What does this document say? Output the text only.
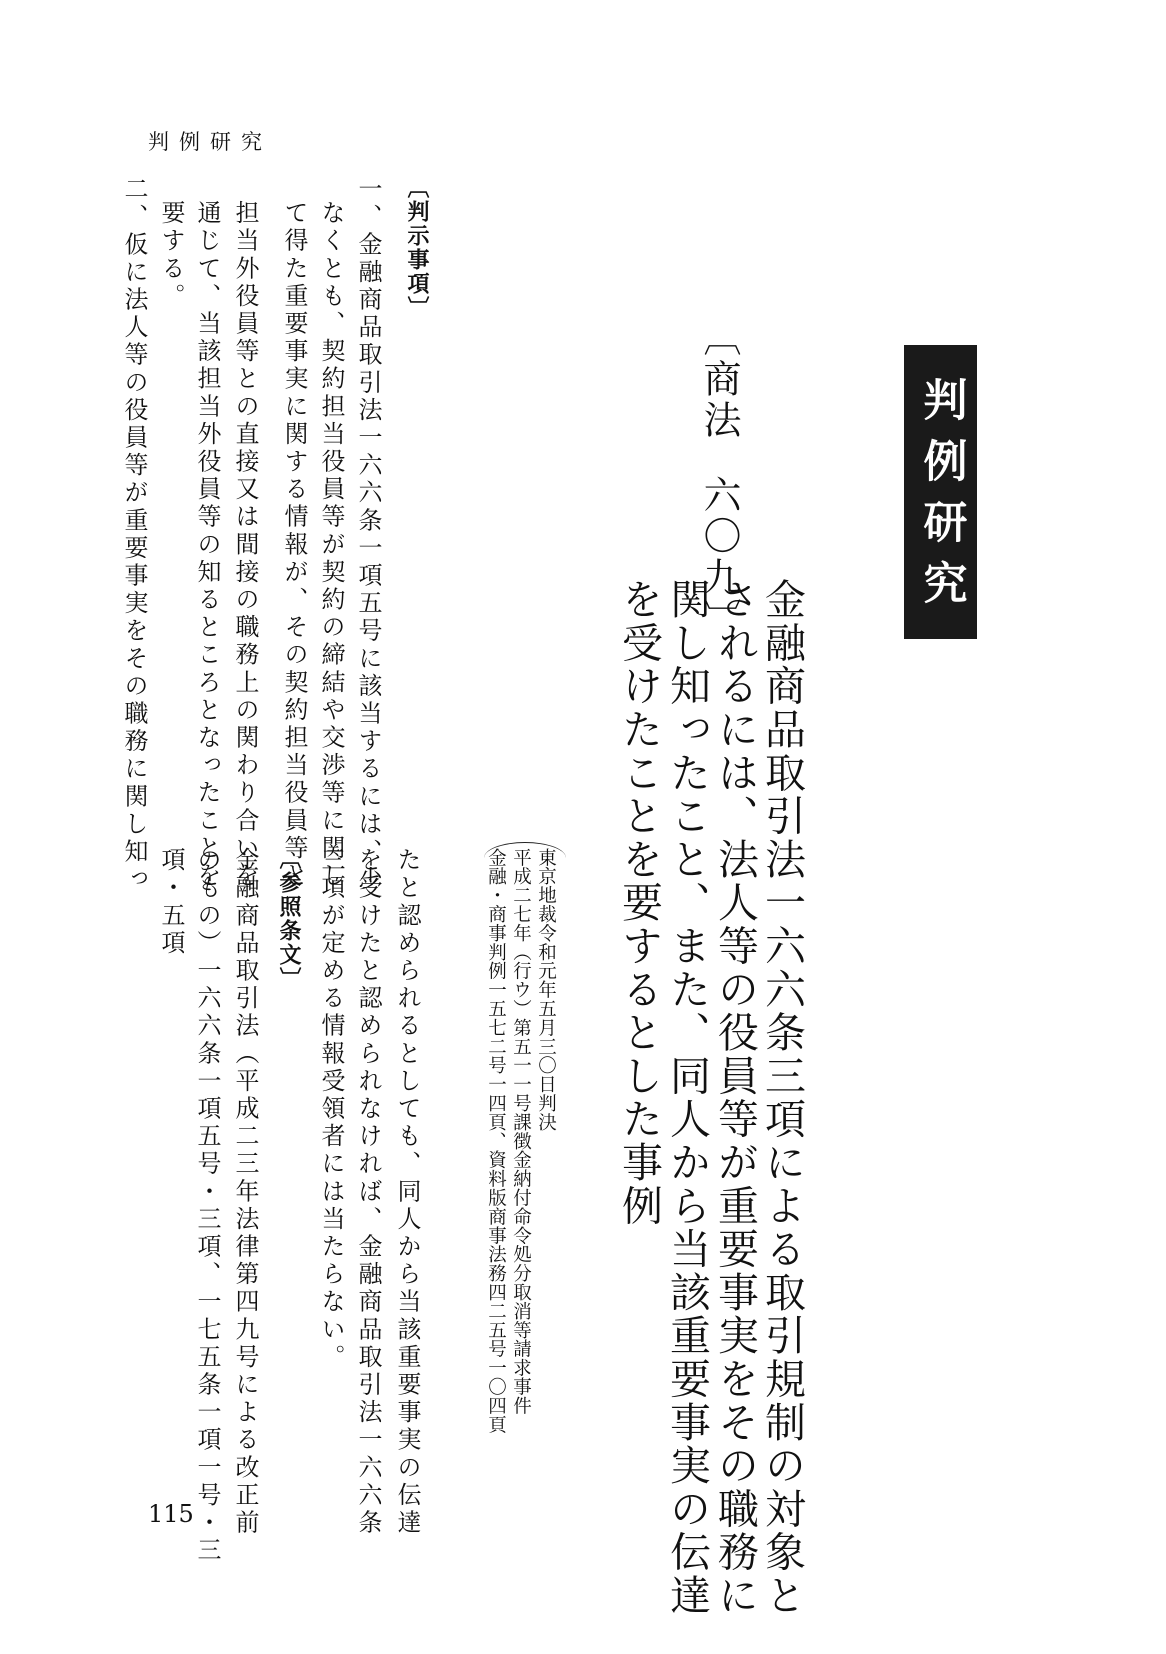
判例研究
判例研究
〔商法六〇九〕
金融商品取引法一六六条三項による取引規制の対象と
されるには、法人等の役員等が重要事実をその職務に
関し知ったこと、また、同人から当該重要事実の伝達
を受けたことを要するとした事例
東京地裁令和元年五月三〇日判決
平成二七年（行ウ）第五一一号課徴金納付命令処分取消等請求事件
金融・商事判例一五七二号一四頁、資料版商事法務四二五号一〇四頁
〔判示事項〕
一、金融商品取引法一六六条一項五号に該当するには、少
なくとも、契約担当役員等が契約の締結や交渉等に関し
て得た重要事実に関する情報が、その契約担当役員等と
担当外役員等との直接又は間接の職務上の関わり合いを
通じて、当該担当外役員等の知るところとなったことを
要する。
二、仮に法人等の役員等が重要事実をその職務に関し知っ
たと認められるとしても、同人から当該重要事実の伝達
を受けたと認められなければ、金融商品取引法一六六条
三項が定める情報受領者には当たらない。
〔参照条文〕
金融商品取引法（平成二三年法律第四九号による改正前
のもの）一六六条一項五号・三項、一七五条一項一号・三
項・五項
115
